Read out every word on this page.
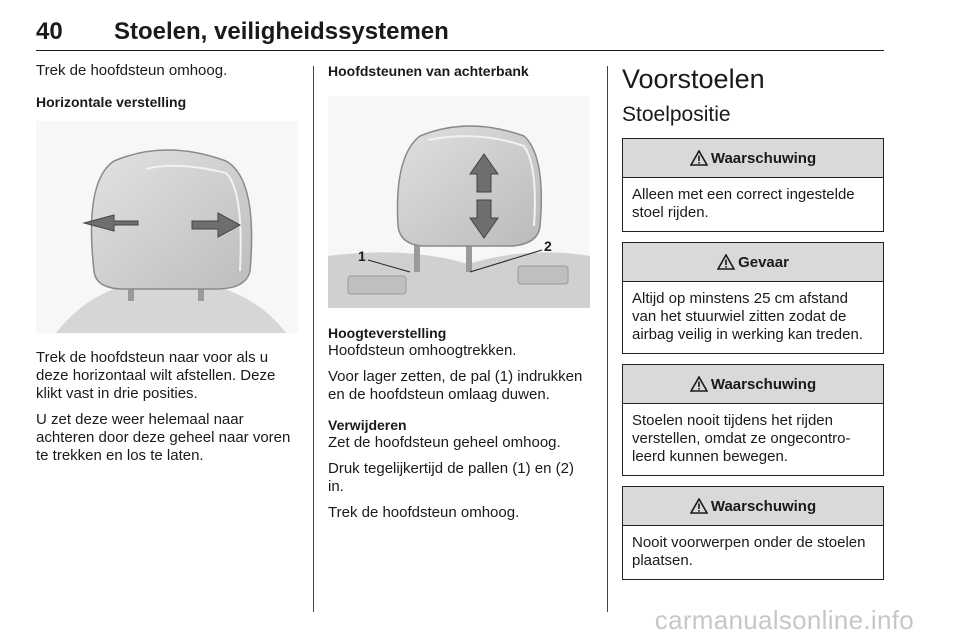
40 Stoelen, veiligheidssystemen

Trek de hoofdsteun omhoog.

Horizontale verstelling

Trek de hoofdsteun naar voor als u deze horizontaal wilt afstellen. Deze klikt vast in drie posities.

U zet deze weer helemaal naar achteren door deze geheel naar voren te trekken en los te laten.

Hoofdsteunen van achterbank
1
2
Hoogteverstelling

Hoofdsteun omhoogtrekken.

Voor lager zetten, de pal (1) indrukken en de hoofdsteun omlaag duwen.

Verwijderen

Zet de hoofdsteun geheel omhoog.

Druk tegelijkertijd de pallen (1) en (2) in.

Trek de hoofdsteun omhoog.

Voorstoelen
Stoelpositie
Waarschuwing
Alleen met een correct ingestelde stoel rijden.
Gevaar
Altijd op minstens 25 cm afstand van het stuurwiel zitten zodat de airbag veilig in werking kan treden.
Waarschuwing
Stoelen nooit tijdens het rijden verstellen, omdat ze ongecontroleerd kunnen bewegen.
Waarschuwing
Nooit voorwerpen onder de stoelen plaatsen.
carmanualsonline.info
